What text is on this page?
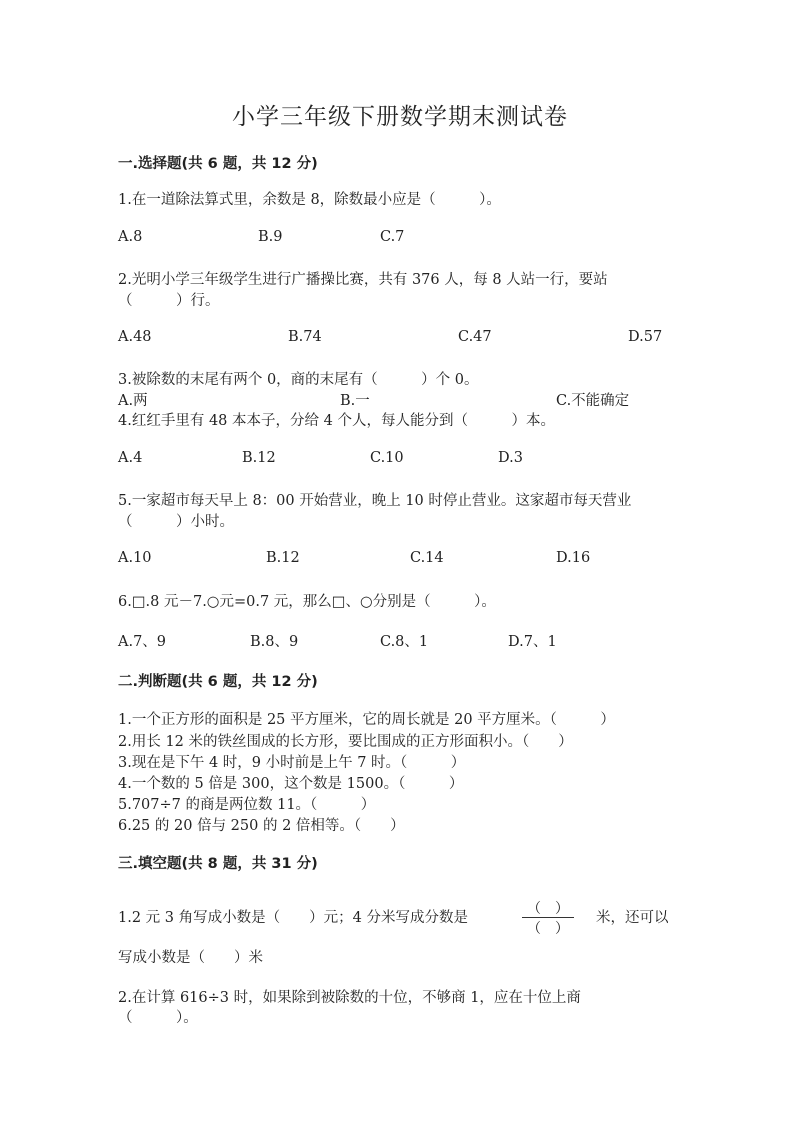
小学三年级下册数学期末测试卷
一.选择题(共 6 题，共 12 分)
1.在一道除法算式里，余数是 8，除数最小应是（　　　）。
A.8	B.9	C.7
2.光明小学三年级学生进行广播操比赛，共有 376 人，每 8 人站一行，要站
（　　　）行。
A.48	B.74	C.47	D.57
3.被除数的末尾有两个 0，商的末尾有（　　　）个 0。
A.两	B.一	C.不能确定
4.红红手里有 48 本本子，分给 4 个人，每人能分到（　　　）本。
A.4	B.12	C.10	D.3
5.一家超市每天早上 8：00 开始营业，晚上 10 时停止营业。这家超市每天营业
（　　　）小时。
A.10	B.12	C.14	D.16
6.□.8 元－7.○元=0.7 元，那么□、○分别是（　　　）。
A.7、9	B.8、9	C.8、1	D.7、1
二.判断题(共 6 题，共 12 分)
1.一个正方形的面积是 25 平方厘米，它的周长就是 20 平方厘米。（　　　）
2.用长 12 米的铁丝围成的长方形，要比围成的正方形面积小。（　　）
3.现在是下午 4 时，9 小时前是上午 7 时。（　　　）
4.一个数的 5 倍是 300，这个数是 1500。（　　　）
5.707÷7 的商是两位数 11。（　　　）
6.25 的 20 倍与 250 的 2 倍相等。（　　）
三.填空题(共 8 题，共 31 分)
1.2 元 3 角写成小数是（　　）元；4 分米写成分数是
（　）
（　）
米，还可以
写成小数是（　　）米
2.在计算 616÷3 时，如果除到被除数的十位，不够商 1，应在十位上商
（　　　）。
